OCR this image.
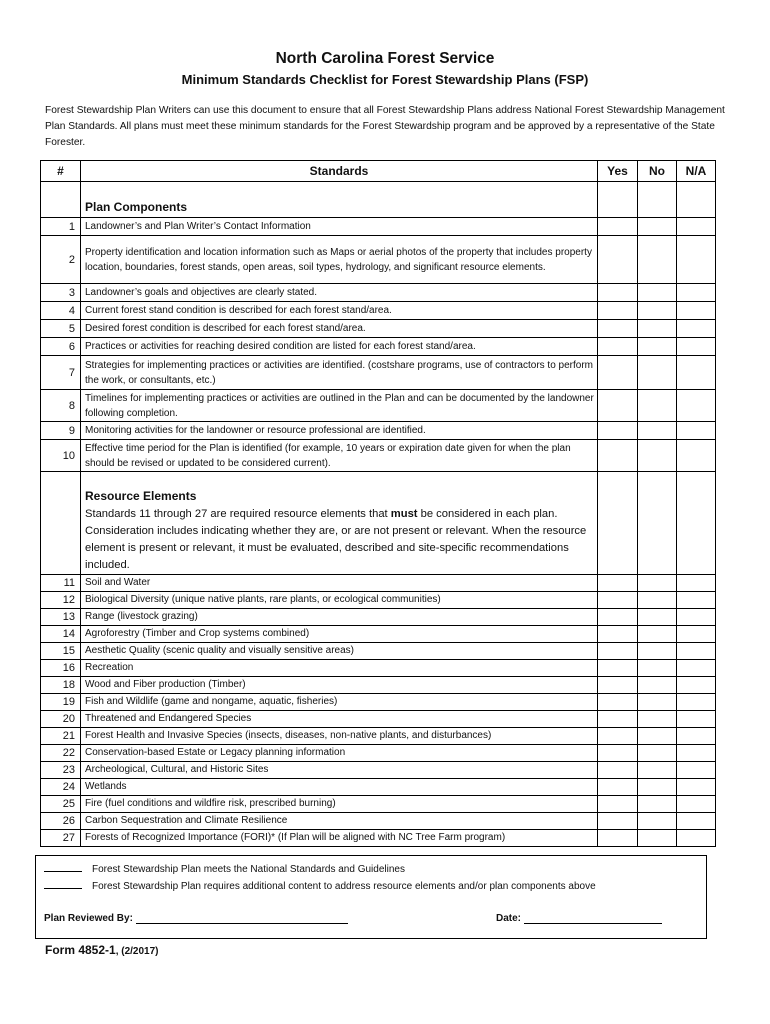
North Carolina Forest Service
Minimum Standards Checklist for Forest Stewardship Plans (FSP)
Forest Stewardship Plan Writers can use this document to ensure that all Forest Stewardship Plans address National Forest Stewardship Management Plan Standards. All plans must meet these minimum standards for the Forest Stewardship program and be approved by a representative of the State Forester.
#	Standards	Yes	No	N/A
	Plan Components			
1	Landowner’s and Plan Writer’s Contact Information			
2	Property identification and location information such as Maps or aerial photos of the property that includes property location, boundaries, forest stands, open areas, soil types, hydrology, and significant resource elements.			
3	Landowner’s goals and objectives are clearly stated.			
4	Current forest stand condition is described for each forest stand/area.			
5	Desired forest condition is described for each forest stand/area.			
6	Practices or activities for reaching desired condition are listed for each forest stand/area.			
7	Strategies for implementing practices or activities are identified. (costshare programs, use of contractors to perform the work, or consultants, etc.)			
8	Timelines for implementing practices or activities are outlined in the Plan and can be documented by the landowner following completion.			
9	Monitoring activities for the landowner or resource professional are identified.			
10	Effective time period for the Plan is identified (for example, 10 years or expiration date given for when the plan should be revised or updated to be considered current).			
	Resource Elements			
	Standards 11 through 27 are required resource elements that must be considered in each plan. Consideration includes indicating whether they are, or are not present or relevant. When the resource element is present or relevant, it must be evaluated, described and site-specific recommendations included.			
11	Soil and Water			
12	Biological Diversity (unique native plants, rare plants, or ecological communities)			
13	Range (livestock grazing)			
14	Agroforestry (Timber and Crop systems combined)			
15	Aesthetic Quality (scenic quality and visually sensitive areas)			
16	Recreation			
18	Wood and Fiber production (Timber)			
19	Fish and Wildlife (game and nongame, aquatic, fisheries)			
20	Threatened and Endangered Species			
21	Forest Health and Invasive Species (insects, diseases, non-native plants, and disturbances)			
22	Conservation-based Estate or Legacy planning information			
23	Archeological, Cultural, and Historic Sites			
24	Wetlands			
25	Fire (fuel conditions and wildfire risk, prescribed burning)			
26	Carbon Sequestration and Climate Resilience			
27	Forests of Recognized Importance (FORI)* (If Plan will be aligned with NC Tree Farm program)			
Forest Stewardship Plan meets the National Standards and Guidelines
Forest Stewardship Plan requires additional content to address resource elements and/or plan components above
Plan Reviewed By:	Date:
Form 4852-1, (2/2017)
